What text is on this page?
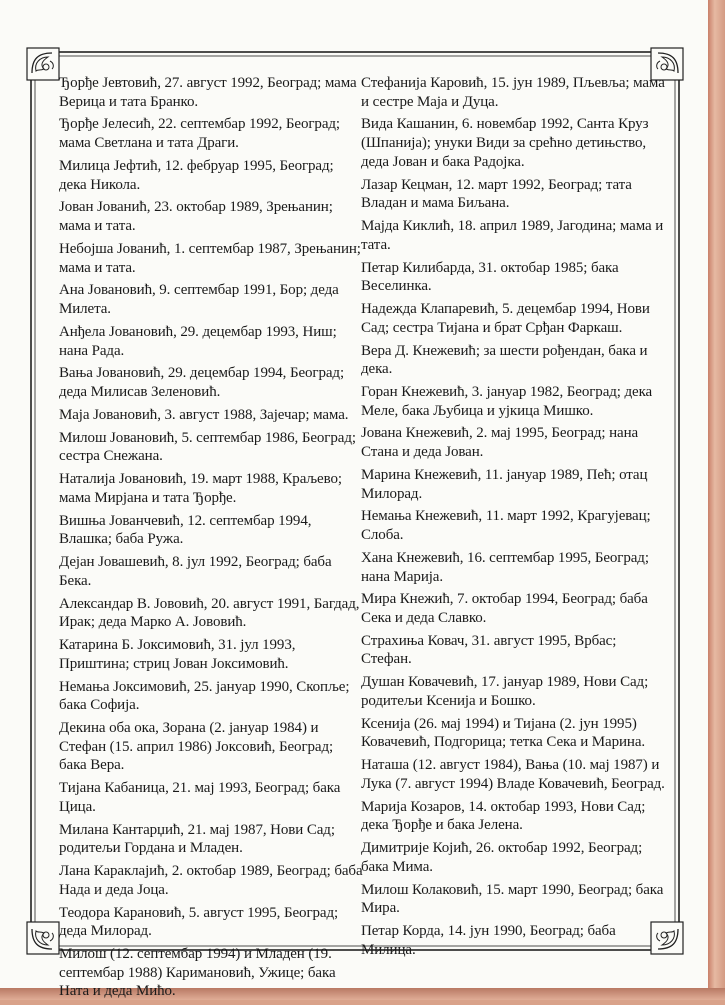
Ђорђе Јевтовић, 27. август 1992, Београд; мама Верица и тата Бранко.

Ђорђе Јелесић, 22. септембар 1992, Београд; мама Светлана и тата Драги.

Милица Јефтић, 12. фебруар 1995, Београд; дека Никола.

Јован Јованић, 23. октобар 1989, Зрењанин; мама и тата.

Небојша Јованић, 1. септембар 1987, Зрењанин; мама и тата.

Ана Јовановић, 9. септембар 1991, Бор; деда Милета.

Анђела Јовановић, 29. децембар 1993, Ниш; нана Рада.

Вања Јовановић, 29. децембар 1994, Београд; деда Милисав Зеленовић.

Маја Јовановић, 3. август 1988, Зајечар; мама.

Милош Јовановић, 5. септембар 1986, Београд; сестра Снежана.

Наталија Јовановић, 19. март 1988, Краљево; мама Мирјана и тата Ђорђе.

Вишња Јованчевић, 12. септембар 1994, Влашка; баба Ружа.

Дејан Јовашевић, 8. јул 1992, Београд; баба Бека.

Александар В. Јововић, 20. август 1991, Багдад, Ирак; деда Марко А. Јововић.

Катарина Б. Јоксимовић, 31. јул 1993, Приштина; стриц Јован Јоксимовић.

Немања Јоксимовић, 25. јануар 1990, Скопље; бака Софија.

Декина оба ока, Зорана (2. јануар 1984) и Стефан (15. април 1986) Јоксовић, Београд; бака Вера.

Тијана Кабаница, 21. мај 1993, Београд; бака Цица.

Милана Кантарџић, 21. мај 1987, Нови Сад; родитељи Гордана и Младен.

Лана Караклајић, 2. октобар 1989, Београд; баба Нада и деда Јоца.

Теодора Карановић, 5. август 1995, Београд; деда Милорад.

Милош (12. септембар 1994) и Младен (19. септембар 1988) Каримановић, Ужице; бака Ната и деда Мићо.

Стефанија Каровић, 15. јун 1989, Пљевља; мама и сестре Маја и Дуца.

Вида Кашанин, 6. новембар 1992, Санта Круз (Шпанија); унуки Види за срећно детињство, деда Јован и бака Радојка.

Лазар Кецман, 12. март 1992, Београд; тата Владан и мама Биљана.

Мајда Киклић, 18. април 1989, Јагодина; мама и тата.

Петар Килибарда, 31. октобар 1985; бака Веселинка.

Надежда Клапаревић, 5. децембар 1994, Нови Сад; сестра Тијана и брат Срђан Фаркаш.

Вера Д. Кнежевић; за шести рођендан, бака и дека.

Горан Кнежевић, 3. јануар 1982, Београд; дека Меле, бака Љубица и ујкица Мишко.

Јована Кнежевић, 2. мај 1995, Београд; нана Стана и деда Јован.

Марина Кнежевић, 11. јануар 1989, Пећ; отац Милорад.

Немања Кнежевић, 11. март 1992, Крагујевац; Слоба.

Хана Кнежевић, 16. септембар 1995, Београд; нана Марија.

Мира Кнежић, 7. октобар 1994, Београд; баба Сека и деда Славко.

Страхиња Ковач, 31. август 1995, Врбас; Стефан.

Душан Ковачевић, 17. јануар 1989, Нови Сад; родитељи Ксенија и Бошко.

Ксенија (26. мај 1994) и Тијана (2. јун 1995) Ковачевић, Подгорица; тетка Сека и Марина.

Наташа (12. август 1984), Вања (10. мај 1987) и Лука (7. август 1994) Владе Ковачевић, Београд.

Марија Козаров, 14. октобар 1993, Нови Сад; дека Ђорђе и бака Јелена.

Димитрије Којић, 26. октобар 1992, Београд; бака Мима.

Милош Колаковић, 15. март 1990, Београд; бака Мира.

Петар Корда, 14. јун 1990, Београд; баба Милица.
